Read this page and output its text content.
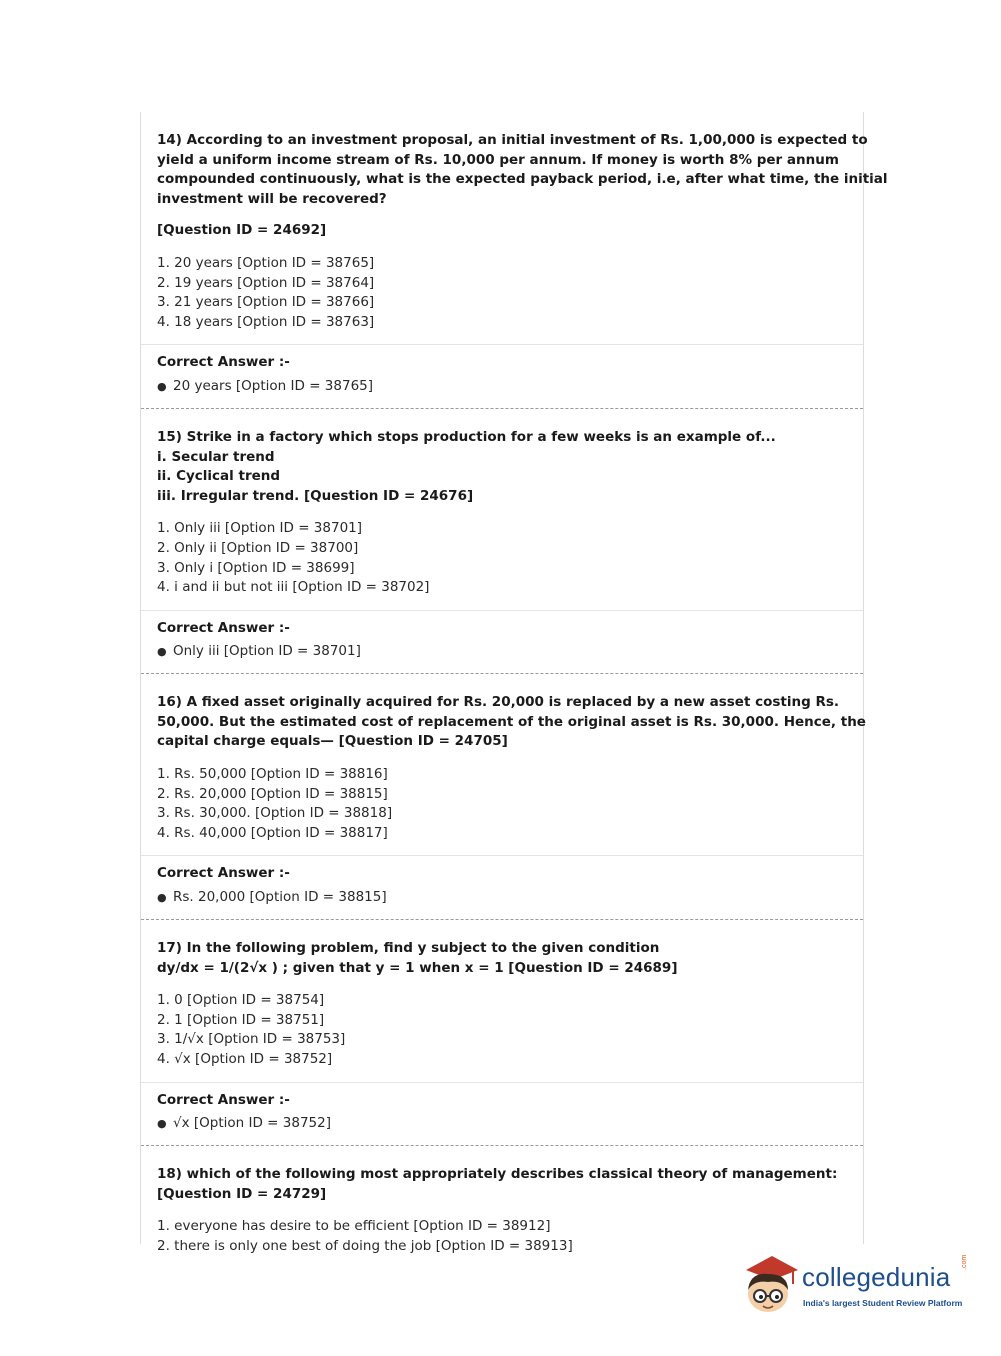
14) According to an investment proposal, an initial investment of Rs. 1,00,000 is expected to
yield a uniform income stream of Rs. 10,000 per annum. If money is worth 8% per annum
compounded continuously, what is the expected payback period, i.e, after what time, the initial
investment will be recovered?
[Question ID = 24692]
1. 20 years [Option ID = 38765]
2. 19 years [Option ID = 38764]
3. 21 years [Option ID = 38766]
4. 18 years [Option ID = 38763]
Correct Answer :-
● 20 years [Option ID = 38765]
15) Strike in a factory which stops production for a few weeks is an example of...
i. Secular trend
ii. Cyclical trend
iii. Irregular trend. [Question ID = 24676]
1. Only iii [Option ID = 38701]
2. Only ii [Option ID = 38700]
3. Only i [Option ID = 38699]
4. i and ii but not iii [Option ID = 38702]
Correct Answer :-
● Only iii [Option ID = 38701]
16) A fixed asset originally acquired for Rs. 20,000 is replaced by a new asset costing Rs.
50,000. But the estimated cost of replacement of the original asset is Rs. 30,000. Hence, the
capital charge equals— [Question ID = 24705]
1. Rs. 50,000 [Option ID = 38816]
2. Rs. 20,000 [Option ID = 38815]
3. Rs. 30,000. [Option ID = 38818]
4. Rs. 40,000 [Option ID = 38817]
Correct Answer :-
● Rs. 20,000 [Option ID = 38815]
17) In the following problem, find y subject to the given condition
dy/dx = 1/(2√x ) ; given that y = 1 when x = 1 [Question ID = 24689]
1. 0 [Option ID = 38754]
2. 1 [Option ID = 38751]
3. 1/√x [Option ID = 38753]
4. √x [Option ID = 38752]
Correct Answer :-
● √x [Option ID = 38752]
18) which of the following most appropriately describes classical theory of management:
[Question ID = 24729]
1. everyone has desire to be efficient [Option ID = 38912]
2. there is only one best of doing the job [Option ID = 38913]
collegedunia .com
India's largest Student Review Platform
